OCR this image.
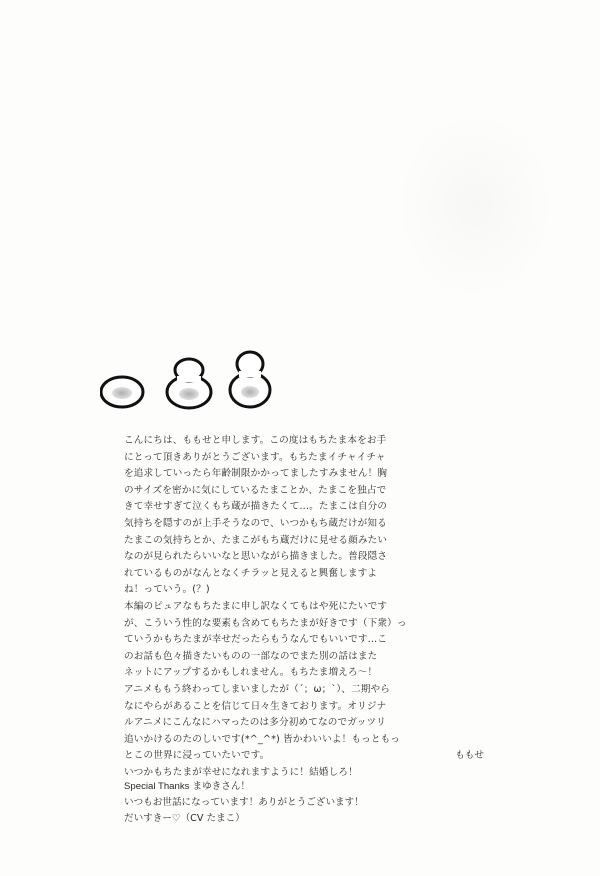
こんにちは、ももせと申します。この度はもちたま本をお手
にとって頂きありがとうございます。もちたまイチャイチャ
を追求していったら年齢制限かかってましたすみません！胸
のサイズを密かに気にしているたまことか、たまこを独占で
きて幸せすぎて泣くもち蔵が描きたくて…。たまこは自分の
気持ちを隠すのが上手そうなので、いつかもち蔵だけが知る
たまこの気持ちとか、たまこがもち蔵だけに見せる顔みたい
なのが見られたらいいなと思いながら描きました。普段隠さ
れているものがなんとなくチラッと見えると興奮しますよ
ね！っていう。(？)
本編のピュアなもちたまに申し訳なくてもはや死にたいです
が、こういう性的な要素も含めてもちたまが好きです（下衆）っ
ていうかもちたまが幸せだったらもうなんでもいいです…こ
のお話も色々描きたいものの一部なのでまた別の話はまた
ネットにアップするかもしれません。もちたま増えろ〜！
アニメももう終わってしまいましたが（´；ω；`）、二期やら
なにやらがあることを信じて日々生きております。オリジナ
ルアニメにこんなにハマったのは多分初めてなのでガッツリ
追いかけるのたのしいです(*^_^*) 皆かわいいよ！もっともっ
とこの世界に浸っていたいです。
いつかもちたまが幸せになれますように！結婚しろ！
ももせ
Special Thanks まゆきさん！
いつもお世話になっています！ありがとうございます！
だいすきー♡（CV たまこ）
